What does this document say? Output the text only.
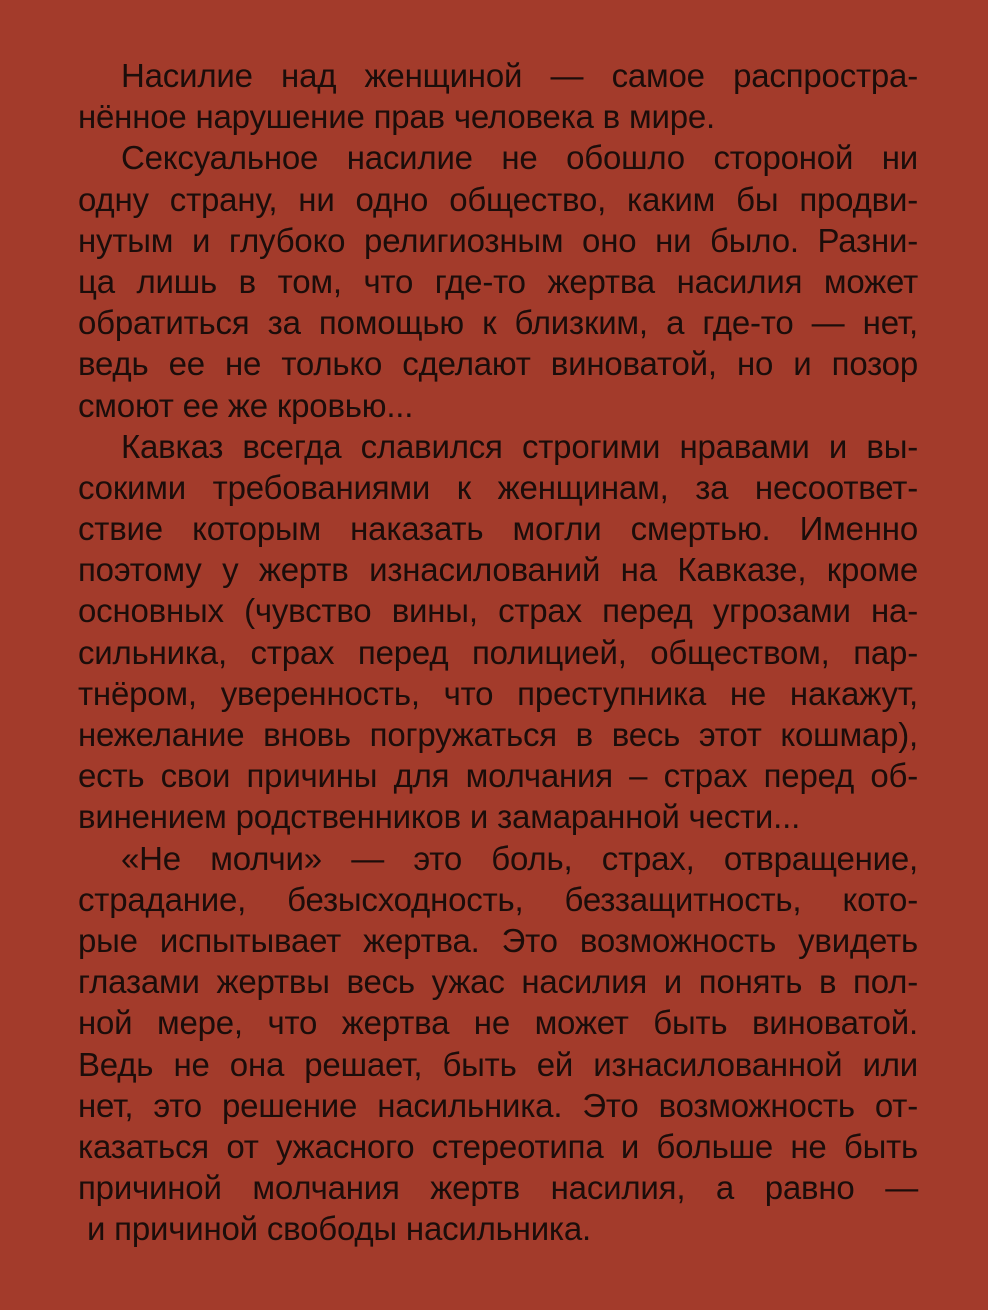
Насилие над женщиной — самое распростра-
нённое нарушение прав человека в мире.
Сексуальное насилие не обошло стороной ни
одну страну, ни одно общество, каким бы продви-
нутым и глубоко религиозным оно ни было. Разни-
ца лишь в том, что где-то жертва насилия может
обратиться за помощью к близким, а где-то — нет,
ведь ее не только сделают виноватой, но и позор
смоют ее же кровью...
Кавказ всегда славился строгими нравами и вы-
сокими требованиями к женщинам, за несоответ-
ствие которым наказать могли смертью. Именно
поэтому у жертв изнасилований на Кавказе, кроме
основных (чувство вины, страх перед угрозами на-
сильника, страх перед полицией, обществом, пар-
тнёром, уверенность, что преступника не накажут,
нежелание вновь погружаться в весь этот кошмар),
есть свои причины для молчания – страх перед об-
винением родственников и замаранной чести...
«Не молчи» — это боль, страх, отвращение,
страдание, безысходность, беззащитность, кото-
рые испытывает жертва. Это возможность увидеть
глазами жертвы весь ужас насилия и понять в пол-
ной мере, что жертва не может быть виноватой.
Ведь не она решает, быть ей изнасилованной или
нет, это решение насильника. Это возможность от-
казаться от ужасного стереотипа и больше не быть
причиной молчания жертв насилия, а равно —
и причиной свободы насильника.
